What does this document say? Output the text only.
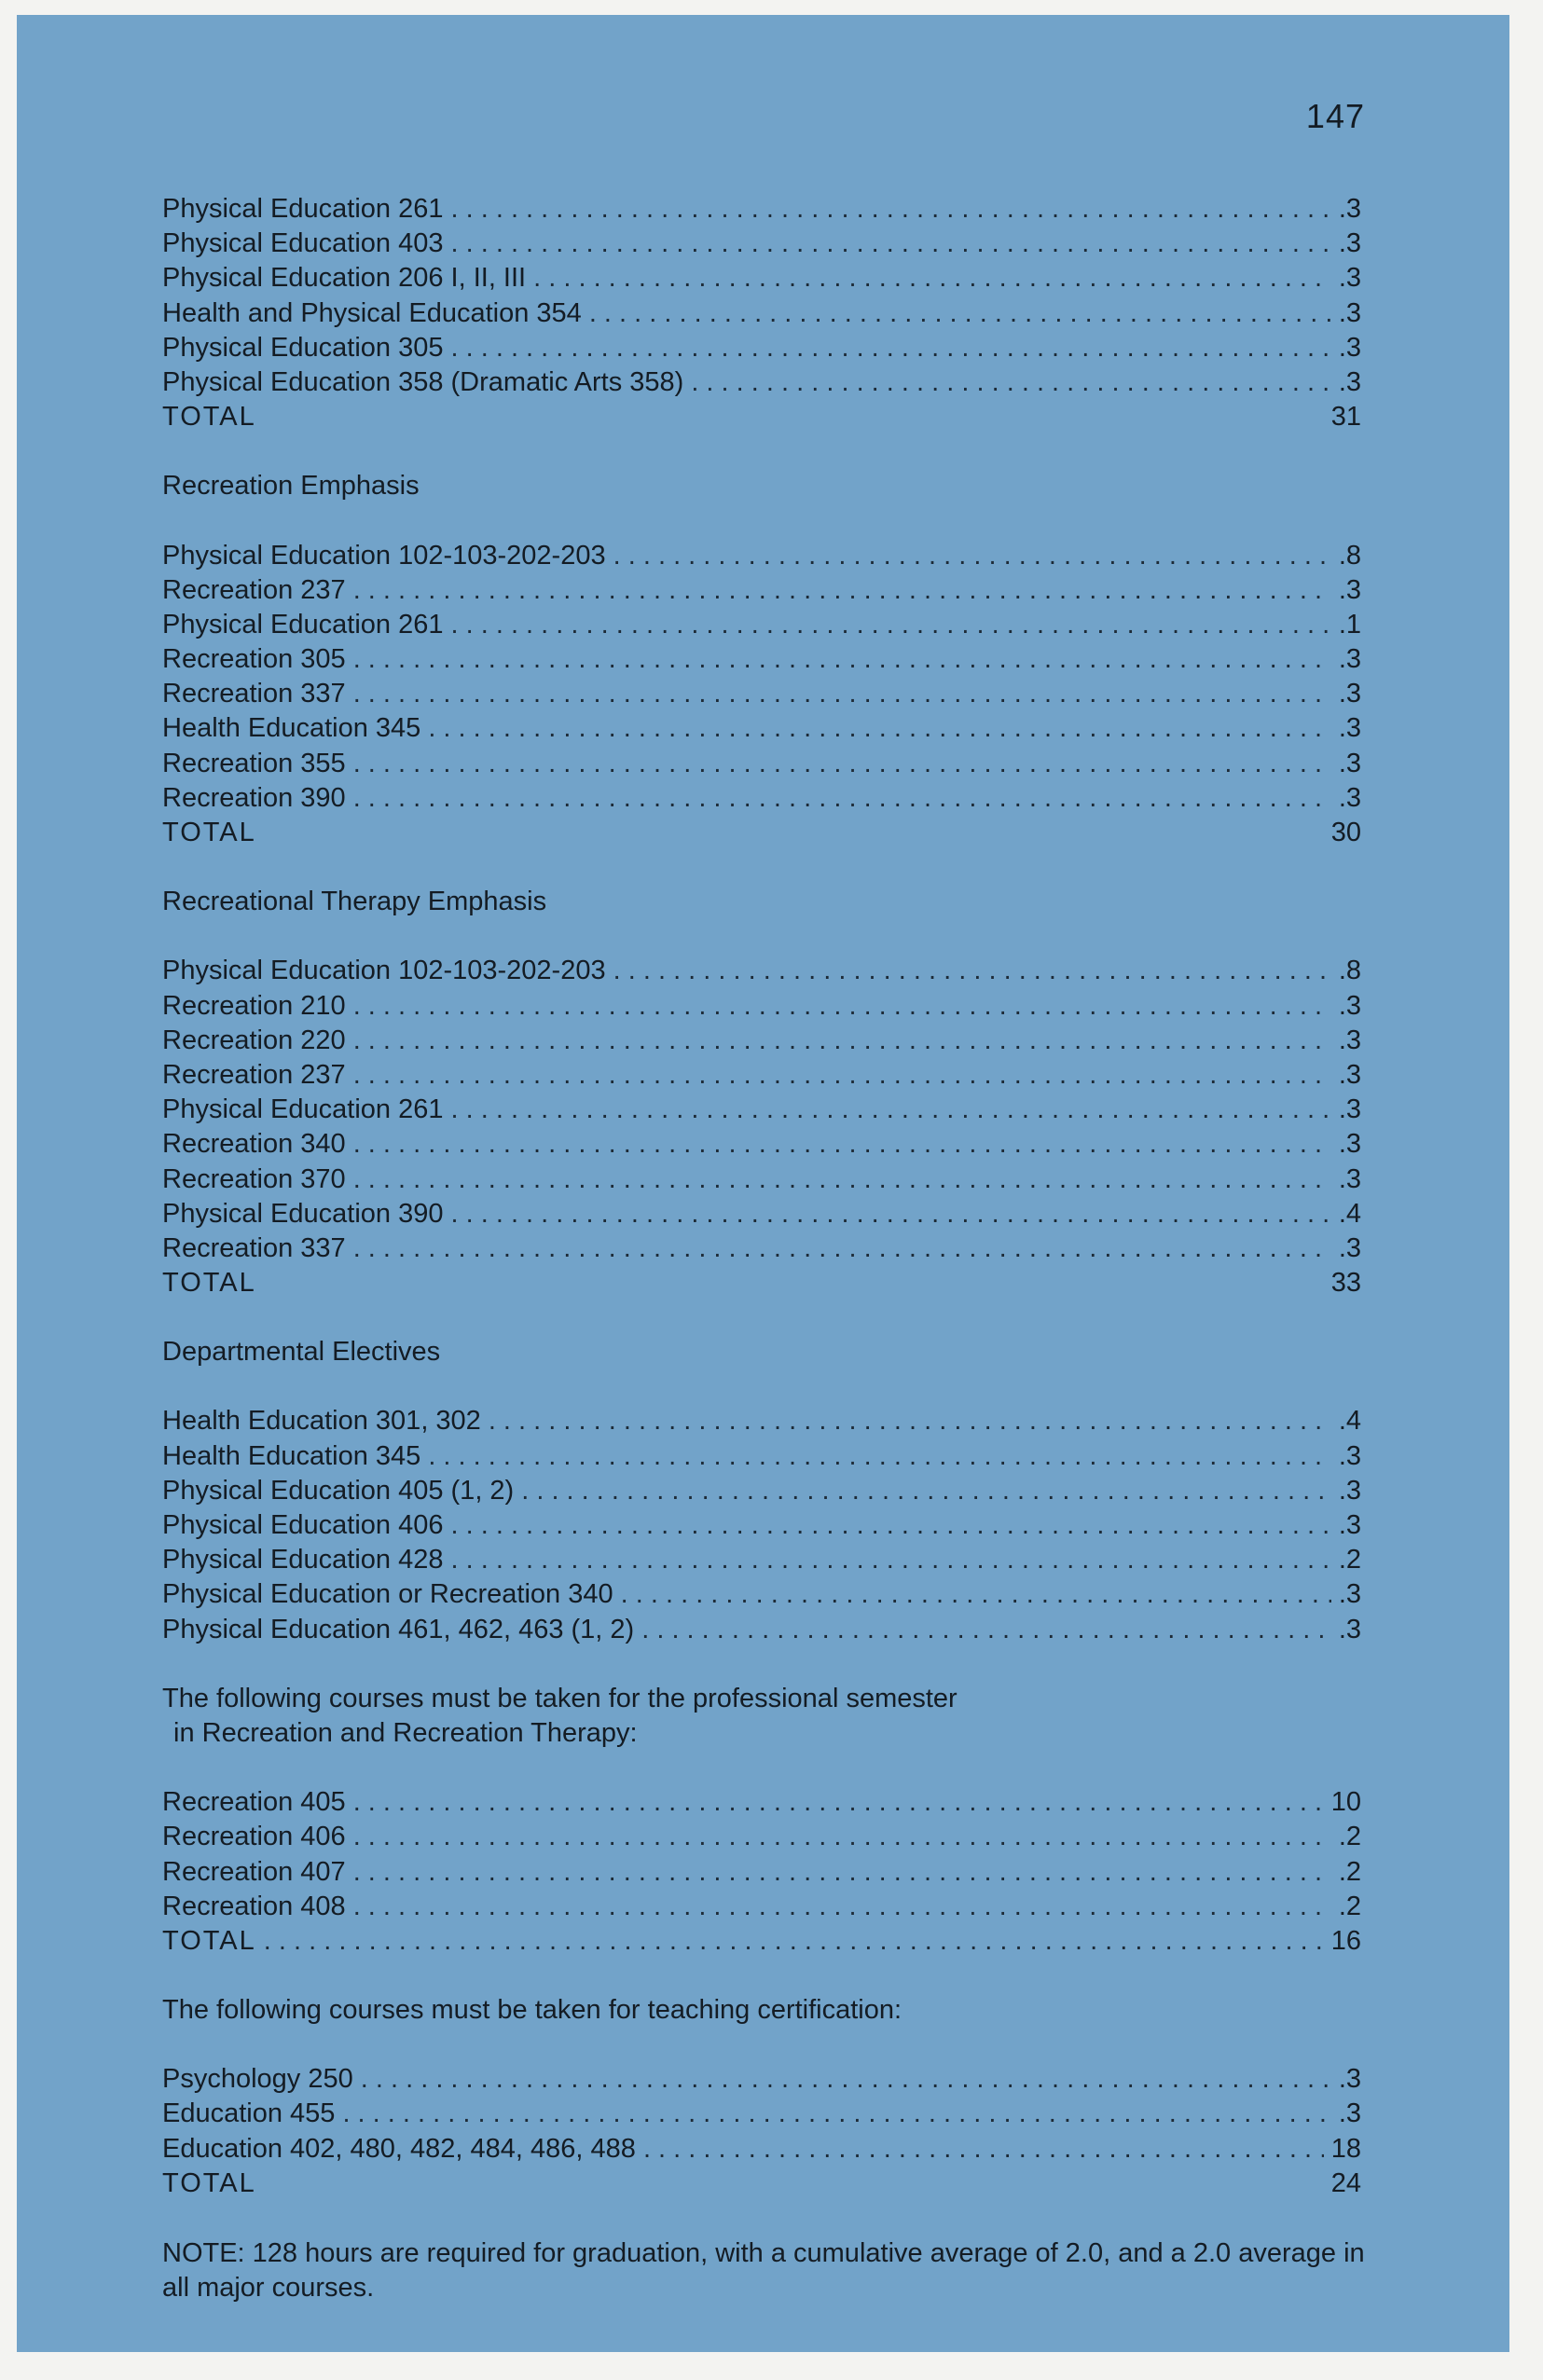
147
Physical Education 261 . . .	.3
Physical Education 403 . . .	.3
Physical Education 206 I, II, III . . .	.3
Health and Physical Education 354 . . .	.3
Physical Education 305 . . .	.3
Physical Education 358 (Dramatic Arts 358) . . .	.3
TOTAL	31
Recreation Emphasis
Physical Education 102-103-202-203 . . .	.8
Recreation 237 . . .	.3
Physical Education 261 . . .	.1
Recreation 305 . . .	.3
Recreation 337 . . .	.3
Health Education 345 . . .	.3
Recreation 355 . . .	.3
Recreation 390 . . .	.3
TOTAL	30
Recreational Therapy Emphasis
Physical Education 102-103-202-203 . . .	.8
Recreation 210 . . .	.3
Recreation 220 . . .	.3
Recreation 237 . . .	.3
Physical Education 261 . . .	.3
Recreation 340 . . .	.3
Recreation 370 . . .	.3
Physical Education 390 . . .	.4
Recreation 337 . . .	.3
TOTAL	33
Departmental Electives
Health Education 301, 302 . . .	.4
Health Education 345 . . .	.3
Physical Education 405 (1, 2) . . .	.3
Physical Education 406 . . .	.3
Physical Education 428 . . .	.2
Physical Education or Recreation 340 . . .	.3
Physical Education 461, 462, 463 (1, 2) . . .	.3
The following courses must be taken for the professional semester
in Recreation and Recreation Therapy:
Recreation 405 . . .	10
Recreation 406 . . .	.2
Recreation 407 . . .	.2
Recreation 408 . . .	.2
TOTAL . . .	16
The following courses must be taken for teaching certification:
Psychology 250 . . .	.3
Education 455 . . .	.3
Education 402, 480, 482, 484, 486, 488 . . .	18
TOTAL	24
NOTE: 128 hours are required for graduation, with a cumulative average of 2.0, and a 2.0 average in all major courses.
